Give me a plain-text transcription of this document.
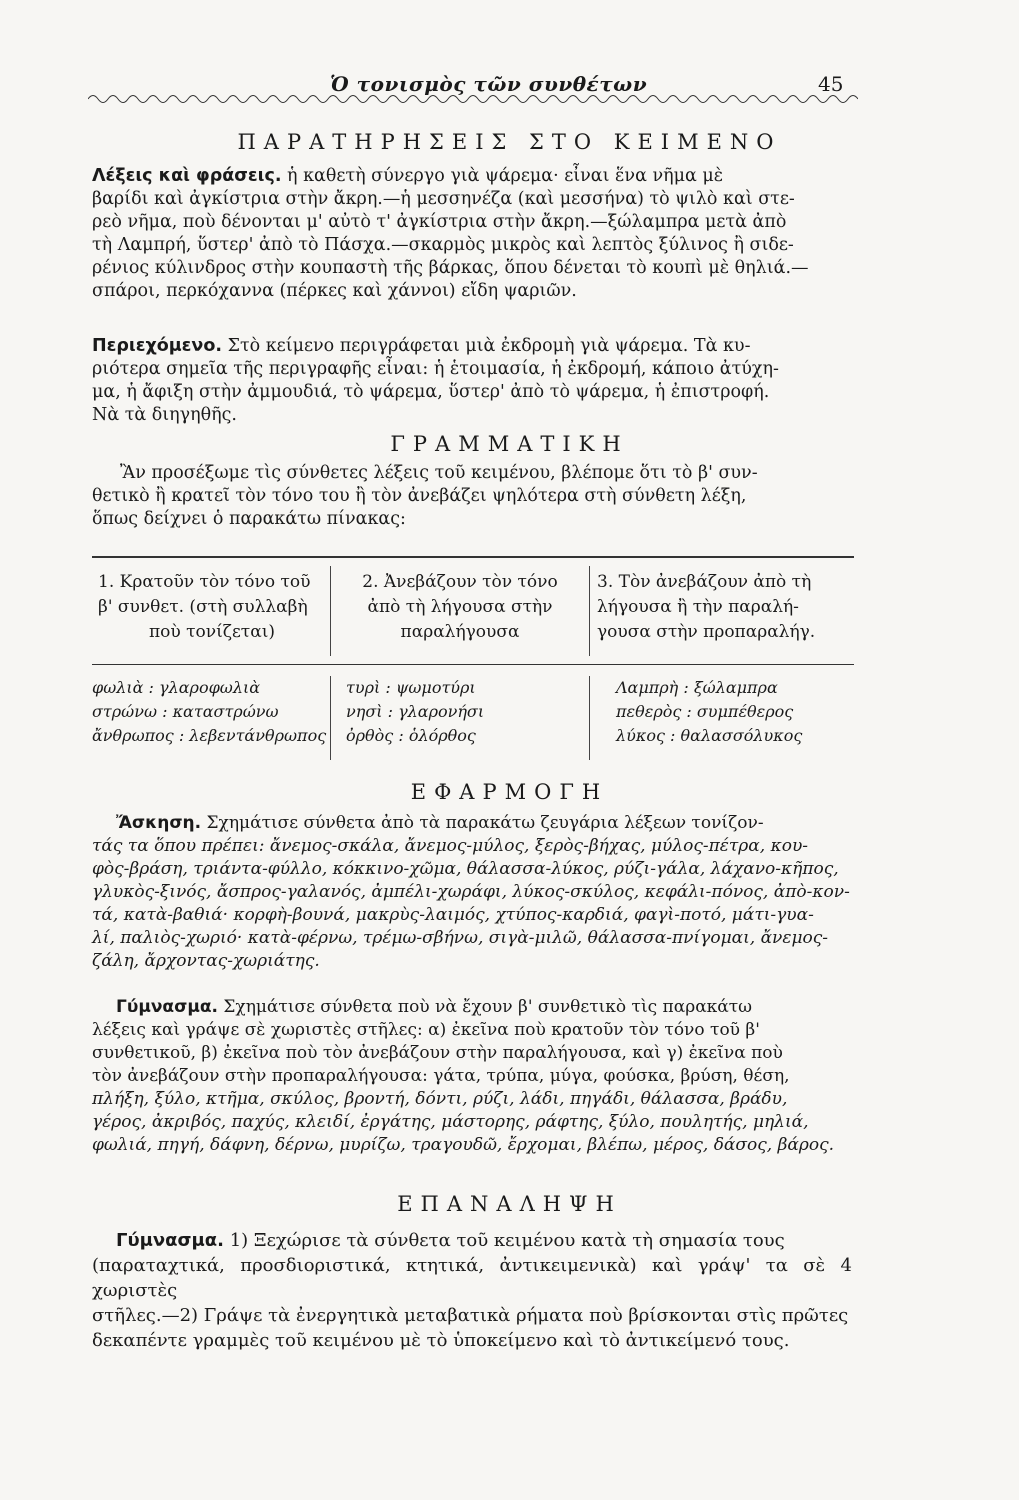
Ὁ τονισμὸς τῶν συνθέτων	45
ΠΑΡΑΤΗΡΗΣΕΙΣ ΣΤΟ ΚΕΙΜΕΝΟ

Λέξεις καὶ φράσεις. ἡ καθετὴ σύνεργο γιὰ ψάρεμα· εἶναι ἕνα νῆμα μὲ

βαρίδι καὶ ἀγκίστρια στὴν ἄκρη.—ἡ μεσσηνέζα (καὶ μεσσήνα) τὸ ψιλὸ καὶ στε-

ρεὸ νῆμα, ποὺ δένονται μ' αὐτὸ τ' ἀγκίστρια στὴν ἄκρη.—ξώλαμπρα μετὰ ἀπὸ

τὴ Λαμπρή, ὕστερ' ἀπὸ τὸ Πάσχα.—σκαρμὸς μικρὸς καὶ λεπτὸς ξύλινος ἢ σιδε-

ρένιος κύλινδρος στὴν κουπαστὴ τῆς βάρκας, ὅπου δένεται τὸ κουπὶ μὲ θηλιά.—

σπάροι, περκόχαννα (πέρκες καὶ χάννοι) εἴδη ψαριῶν.

Περιεχόμενο. Στὸ κείμενο περιγράφεται μιὰ ἐκδρομὴ γιὰ ψάρεμα. Τὰ κυ-

ριότερα σημεῖα τῆς περιγραφῆς εἶναι: ἡ ἑτοιμασία, ἡ ἐκδρομή, κάποιο ἀτύχη-

μα, ἡ ἄφιξη στὴν ἀμμουδιά, τὸ ψάρεμα, ὕστερ' ἀπὸ τὸ ψάρεμα, ἡ ἐπιστροφή.

Νὰ τὰ διηγηθῆς.

ΓΡΑΜΜΑΤΙΚΗ

Ἂν προσέξωμε τὶς σύνθετες λέξεις τοῦ κειμένου, βλέπομε ὅτι τὸ β' συν-

θετικὸ ἢ κρατεῖ τὸν τόνο του ἢ τὸν ἀνεβάζει ψηλότερα στὴ σύνθετη λέξη,

ὅπως δείχνει ὁ παρακάτω πίνακας:

1. Κρατοῦν τὸν τόνο τοῦ
β' συνθετ. (στὴ συλλαβὴ
ποὺ τονίζεται)
2. Ἀνεβάζουν τὸν τόνο
ἀπὸ τὴ λήγουσα στὴν
παραλήγουσα
3. Τὸν ἀνεβάζουν ἀπὸ τὴ
λήγουσα ἢ τὴν παραλή-
γουσα στὴν προπαραλήγ.
φωλιὰ : γλαροφωλιὰ
στρώνω : καταστρώνω
ἄνθρωπος : λεβεντάνθρωπος
τυρὶ : ψωμοτύρι
νησὶ : γλαρονήσι
ὀρθὸς : ὁλόρθος
Λαμπρὴ : ξώλαμπρα
πεθερὸς : συμπέθερος
λύκος : θαλασσόλυκος
ΕΦΑΡΜΟΓΗ

Ἄσκηση. Σχημάτισε σύνθετα ἀπὸ τὰ παρακάτω ζευγάρια λέξεων τονίζον-

τάς τα ὅπου πρέπει: ἄνεμος-σκάλα, ἄνεμος-μύλος, ξερὸς-βήχας, μύλος-πέτρα, κου-

φὸς-βράση, τριάντα-φύλλο, κόκκινο-χῶμα, θάλασσα-λύκος, ρύζι-γάλα, λάχανο-κῆπος,

γλυκὸς-ξινός, ἄσπρος-γαλανός, ἀμπέλι-χωράφι, λύκος-σκύλος, κεφάλι-πόνος, ἀπὸ-κον-

τά, κατὰ-βαθιά· κορφὴ-βουνά, μακρὺς-λαιμός, χτύπος-καρδιά, φαγὶ-ποτό, μάτι-γυα-

λί, παλιὸς-χωριό· κατὰ-φέρνω, τρέμω-σβήνω, σιγὰ-μιλῶ, θάλασσα-πνίγομαι, ἄνεμος-

ζάλη, ἄρχοντας-χωριάτης.

Γύμνασμα. Σχημάτισε σύνθετα ποὺ νὰ ἔχουν β' συνθετικὸ τὶς παρακάτω

λέξεις καὶ γράψε σὲ χωριστὲς στῆλες: α) ἐκεῖνα ποὺ κρατοῦν τὸν τόνο τοῦ β'

συνθετικοῦ, β) ἐκεῖνα ποὺ τὸν ἀνεβάζουν στὴν παραλήγουσα, καὶ γ) ἐκεῖνα ποὺ

τὸν ἀνεβάζουν στὴν προπαραλήγουσα: γάτα, τρύπα, μύγα, φούσκα, βρύση, θέση,

πλήξη, ξύλο, κτῆμα, σκύλος, βροντή, δόντι, ρύζι, λάδι, πηγάδι, θάλασσα, βράδυ,

γέρος, ἀκριβός, παχύς, κλειδί, ἐργάτης, μάστορης, ράφτης, ξύλο, πουλητής, μηλιά,

φωλιά, πηγή, δάφνη, δέρνω, μυρίζω, τραγουδῶ, ἔρχομαι, βλέπω, μέρος, δάσος, βάρος.

ΕΠΑΝΑΛΗΨΗ

Γύμνασμα. 1) Ξεχώρισε τὰ σύνθετα τοῦ κειμένου κατὰ τὴ σημασία τους

(παραταχτικά, προσδιοριστικά, κτητικά, ἀντικειμενικὰ) καὶ γράψ' τα σὲ 4 χωριστὲς

στῆλες.—2) Γράψε τὰ ἐνεργητικὰ μεταβατικὰ ρήματα ποὺ βρίσκονται στὶς πρῶτες

δεκαπέντε γραμμὲς τοῦ κειμένου μὲ τὸ ὑποκείμενο καὶ τὸ ἀντικείμενό τους.
